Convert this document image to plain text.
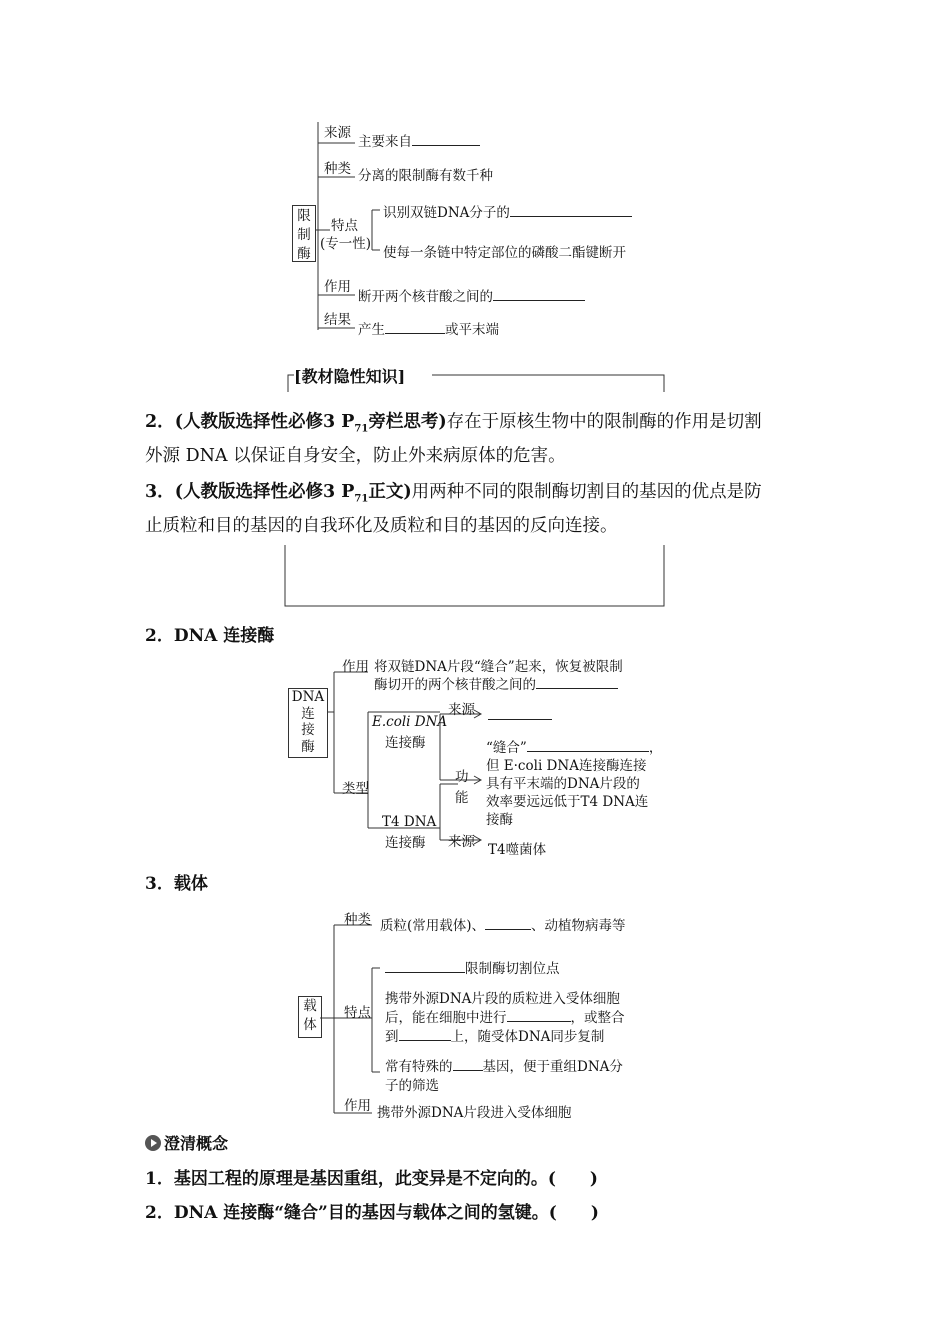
限
制
酶
来源
主要来自
种类 分离的限制酶有数千种
特点
(专一性)
识别双链DNA分子的
使每一条链中特定部位的磷酸二酯键断开
作用
断开两个核苷酸之间的
结果
产生	或平末端
[教材隐性知识]
2．(人教版选择性必修3 $P_{71}$旁栏思考)存在于原核生物中的限制酶的作用是切割
外源 DNA 以保证自身安全，防止外来病原体的危害。
3．(人教版选择性必修3 $P_{71}$正文)用两种不同的限制酶切割目的基因的优点是防
止质粒和目的基因的自我环化及质粒和目的基因的反向连接。
2．DNA 连接酶
DNA
连
接
酶
作用 将双链DNA片段“缝合”起来，恢复被限制
酶切开的两个核苷酸之间的
类型
E.coli DNA
连接酶
来源
功
能
“缝合”	，
但 E·coli DNA连接酶连接
具有平末端的DNA片段的
效率要远远低于T4 DNA连
接酶
T4 DNA
连接酶 来源 T4噬菌体
3．载体
载
体
种类 质粒(常用载体)、	、动植物病毒等
特点
限制酶切割位点
携带外源DNA片段的质粒进入受体细胞
后，能在细胞中进行	，或整合
到	上，随受体DNA同步复制
常有特殊的 基因，便于重组DNA分
子的筛选
作用 携带外源DNA片段进入受体细胞
澄清概念
1．基因工程的原理是基因重组，此变异是不定向的。(　　)
2．DNA 连接酶“缝合”目的基因与载体之间的氢键。(　　)
